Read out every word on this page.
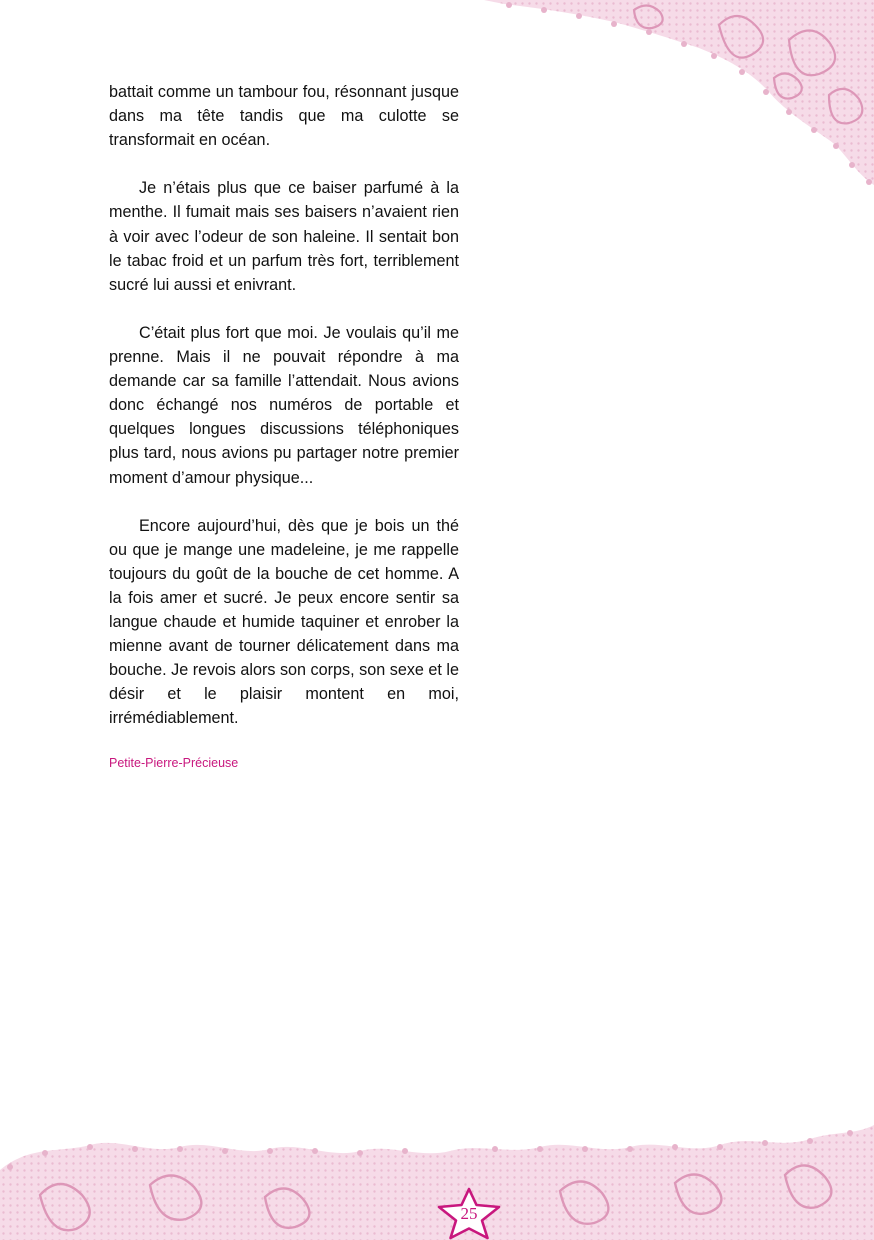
battait comme un tambour fou, résonnant jusque dans ma tête tandis que ma culotte se transformait en océan.

Je n’étais plus que ce baiser parfumé à la menthe. Il fumait mais ses baisers n’avaient rien à voir avec l’odeur de son haleine. Il sentait bon le tabac froid et un parfum très fort, terriblement sucré lui aussi et enivrant.

C’était plus fort que moi. Je voulais qu’il me prenne. Mais il ne pouvait répondre à ma demande car sa famille l’attendait. Nous avions donc échangé nos numéros de portable et quelques longues discussions téléphoniques plus tard, nous avions pu partager notre premier moment d’amour physique...

Encore aujourd’hui, dès que je bois un thé ou que je mange une madeleine, je me rappelle toujours du goût de la bouche de cet homme. A la fois amer et sucré. Je peux encore sentir sa langue chaude et humide taquiner et enrober la mienne avant de tourner délicatement dans ma bouche. Je revois alors son corps, son sexe et le désir et le plaisir montent en moi, irrémédiablement.

Petite-Pierre-Précieuse
25
